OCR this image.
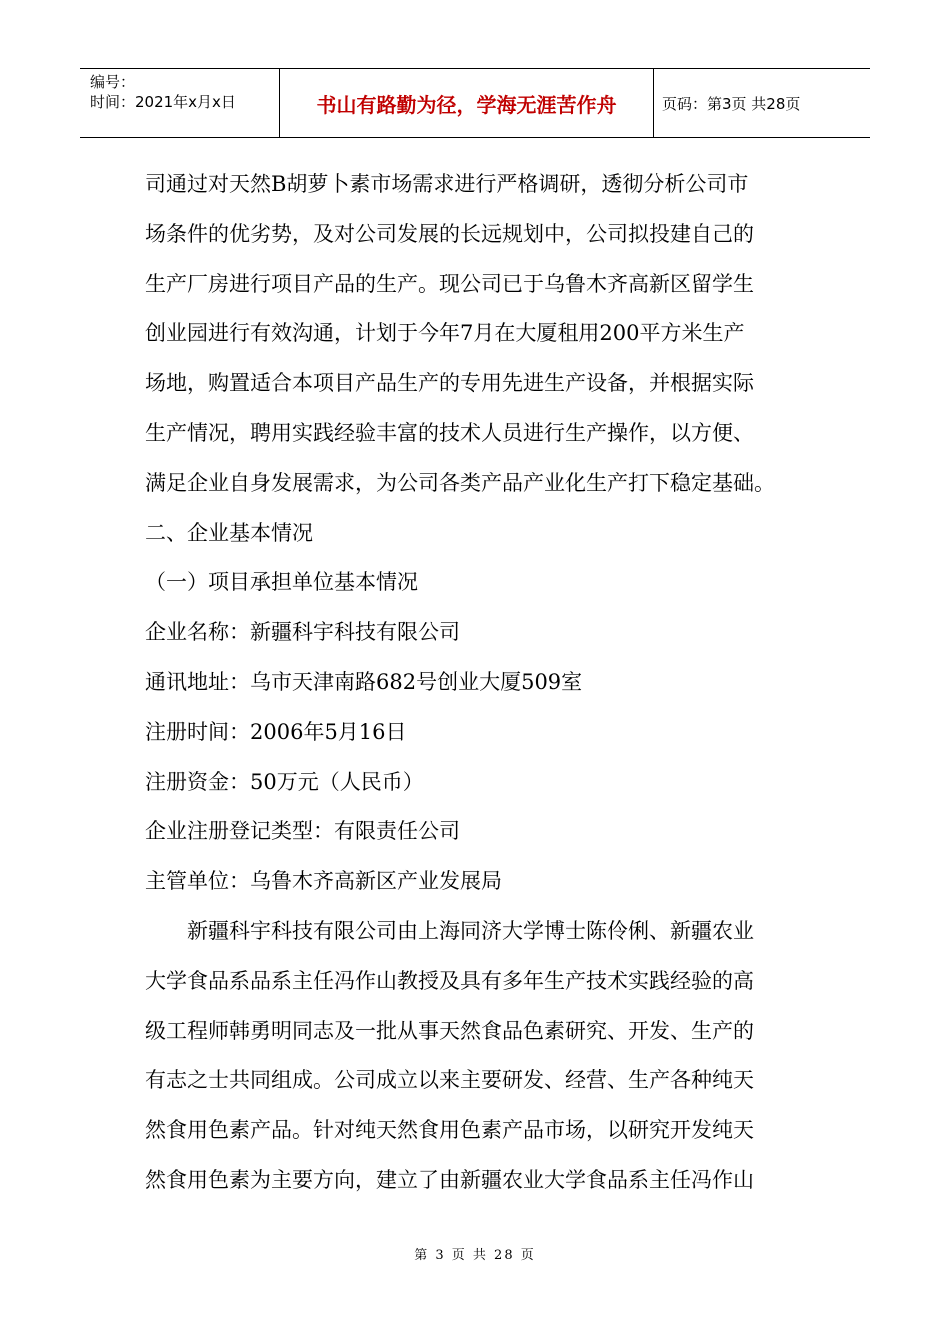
编号：
时间：2021年x月x日	书山有路勤为径，学海无涯苦作舟	页码：第3页 共28页

司通过对天然B胡萝卜素市场需求进行严格调研，透彻分析公司市

场条件的优劣势，及对公司发展的长远规划中，公司拟投建自己的

生产厂房进行项目产品的生产。现公司已于乌鲁木齐高新区留学生

创业园进行有效沟通，计划于今年7月在大厦租用200平方米生产

场地，购置适合本项目产品生产的专用先进生产设备，并根据实际

生产情况，聘用实践经验丰富的技术人员进行生产操作，以方便、

满足企业自身发展需求，为公司各类产品产业化生产打下稳定基础。

二、企业基本情况

（一）项目承担单位基本情况

企业名称：新疆科宇科技有限公司

通讯地址：乌市天津南路682号创业大厦509室

注册时间：2006年5月16日

注册资金：50万元（人民币）

企业注册登记类型：有限责任公司

主管单位：乌鲁木齐高新区产业发展局

新疆科宇科技有限公司由上海同济大学博士陈伶俐、新疆农业

大学食品系品系主任冯作山教授及具有多年生产技术实践经验的高

级工程师韩勇明同志及一批从事天然食品色素研究、开发、生产的

有志之士共同组成。公司成立以来主要研发、经营、生产各种纯天

然食用色素产品。针对纯天然食用色素产品市场，以研究开发纯天

然食用色素为主要方向，建立了由新疆农业大学食品系主任冯作山

第 3 页 共 28 页
